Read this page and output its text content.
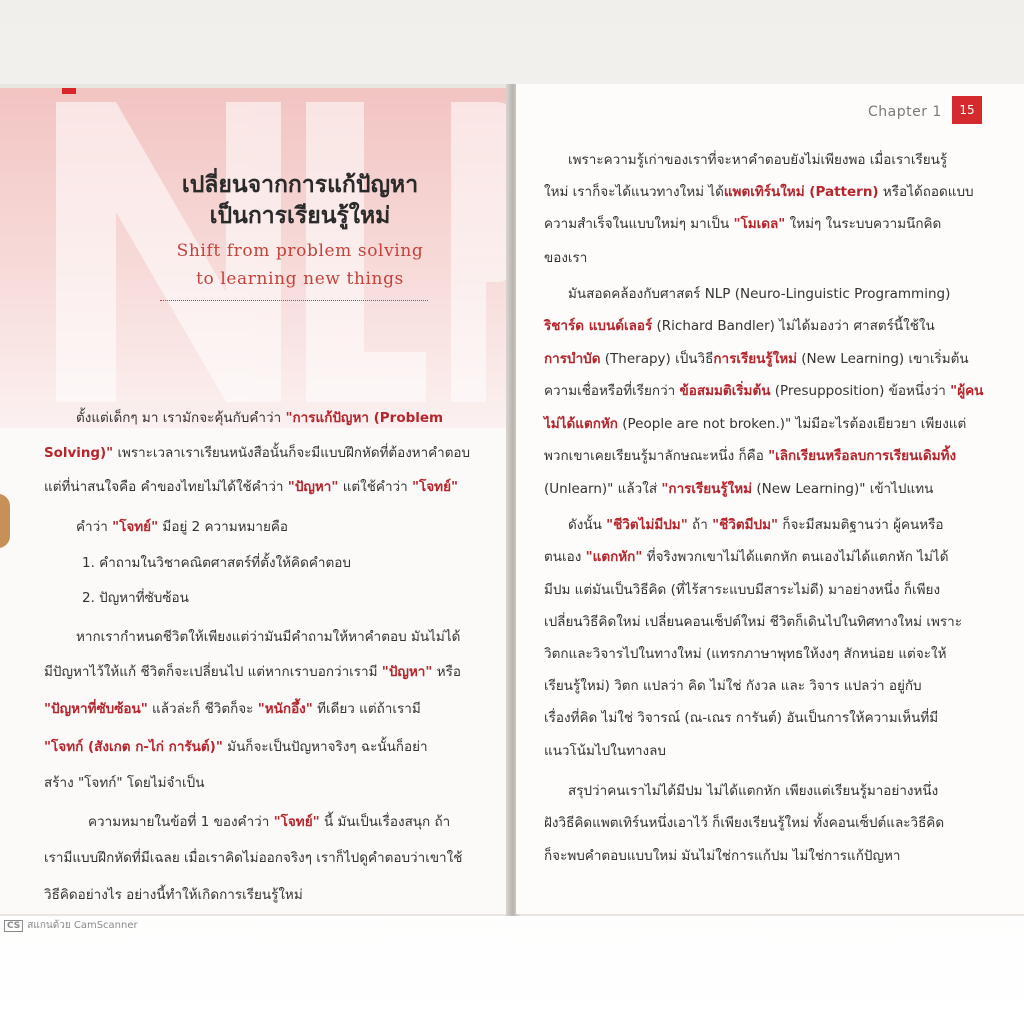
เปลี่ยนจากการแก้ปัญหา
เป็นการเรียนรู้ใหม่
Shift from problem solving
to learning new things

ตั้งแต่เด็กๆ มา เรามักจะคุ้นกับคำว่า "การแก้ปัญหา (Problem

Solving)" เพราะเวลาเราเรียนหนังสือนั้นก็จะมีแบบฝึกหัดที่ต้องหาคำตอบ

แต่ที่น่าสนใจคือ คำของไทยไม่ได้ใช้คำว่า "ปัญหา" แต่ใช้คำว่า "โจทย์"

คำว่า "โจทย์" มีอยู่ 2 ความหมายคือ

1. คำถามในวิชาคณิตศาสตร์ที่ตั้งให้คิดคำตอบ

2. ปัญหาที่ซับซ้อน

หากเรากำหนดชีวิตให้เพียงแต่ว่ามันมีคำถามให้หาคำตอบ มันไม่ได้

มีปัญหาไว้ให้แก้ ชีวิตก็จะเปลี่ยนไป แต่หากเราบอกว่าเรามี "ปัญหา" หรือ

"ปัญหาที่ซับซ้อน" แล้วล่ะก็ ชีวิตก็จะ "หนักอึ้ง" ทีเดียว แต่ถ้าเรามี

"โจทก์ (สังเกต ก-ไก่ การันต์)" มันก็จะเป็นปัญหาจริงๆ ฉะนั้นก็อย่า

สร้าง "โจทก์" โดยไม่จำเป็น

ความหมายในข้อที่ 1 ของคำว่า "โจทย์" นี้ มันเป็นเรื่องสนุก ถ้า

เรามีแบบฝึกหัดที่มีเฉลย เมื่อเราคิดไม่ออกจริงๆ เราก็ไปดูคำตอบว่าเขาใช้

วิธีคิดอย่างไร อย่างนี้ทำให้เกิดการเรียนรู้ใหม่

Chapter 1	15

เพราะความรู้เก่าของเราที่จะหาคำตอบยังไม่เพียงพอ เมื่อเราเรียนรู้

ใหม่ เราก็จะได้แนวทางใหม่ ได้แพตเทิร์นใหม่ (Pattern) หรือได้ถอดแบบ

ความสำเร็จในแบบใหม่ๆ มาเป็น "โมเดล" ใหม่ๆ ในระบบความนึกคิด

ของเรา

มันสอดคล้องกับศาสตร์ NLP (Neuro-Linguistic Programming)

ริชาร์ด แบนด์เลอร์ (Richard Bandler) ไม่ได้มองว่า ศาสตร์นี้ใช้ใน

การบำบัด (Therapy) เป็นวิธีการเรียนรู้ใหม่ (New Learning) เขาเริ่มต้น

ความเชื่อหรือที่เรียกว่า ข้อสมมติเริ่มต้น (Presupposition) ข้อหนึ่งว่า "ผู้คน

ไม่ได้แตกหัก (People are not broken.)" ไม่มีอะไรต้องเยียวยา เพียงแต่

พวกเขาเคยเรียนรู้มาลักษณะหนึ่ง ก็คือ "เลิกเรียนหรือลบการเรียนเดิมทิ้ง

(Unlearn)" แล้วใส่ "การเรียนรู้ใหม่ (New Learning)" เข้าไปแทน

ดังนั้น "ชีวิตไม่มีปม" ถ้า "ชีวิตมีปม" ก็จะมีสมมติฐานว่า ผู้คนหรือ

ตนเอง "แตกหัก" ที่จริงพวกเขาไม่ได้แตกหัก ตนเองไม่ได้แตกหัก ไม่ได้

มีปม แต่มันเป็นวิธีคิด (ที่ไร้สาระแบบมีสาระไม่ดี) มาอย่างหนึ่ง ก็เพียง

เปลี่ยนวิธีคิดใหม่ เปลี่ยนคอนเซ็ปต์ใหม่ ชีวิตก็เดินไปในทิศทางใหม่ เพราะ

วิตกและวิจารไปในทางใหม่ (แทรกภาษาพุทธให้งงๆ สักหน่อย แต่จะให้

เรียนรู้ใหม่) วิตก แปลว่า คิด ไม่ใช่ กังวล และ วิจาร แปลว่า อยู่กับ

เรื่องที่คิด ไม่ใช่ วิจารณ์ (ณ-เณร การันต์) อันเป็นการให้ความเห็นที่มี

แนวโน้มไปในทางลบ

สรุปว่าคนเราไม่ได้มีปม ไม่ได้แตกหัก เพียงแต่เรียนรู้มาอย่างหนึ่ง

ฝังวิธีคิดแพตเทิร์นหนึ่งเอาไว้ ก็เพียงเรียนรู้ใหม่ ทั้งคอนเซ็ปต์และวิธีคิด

ก็จะพบคำตอบแบบใหม่ มันไม่ใช่การแก้ปม ไม่ใช่การแก้ปัญหา

CS สแกนด้วย CamScanner
